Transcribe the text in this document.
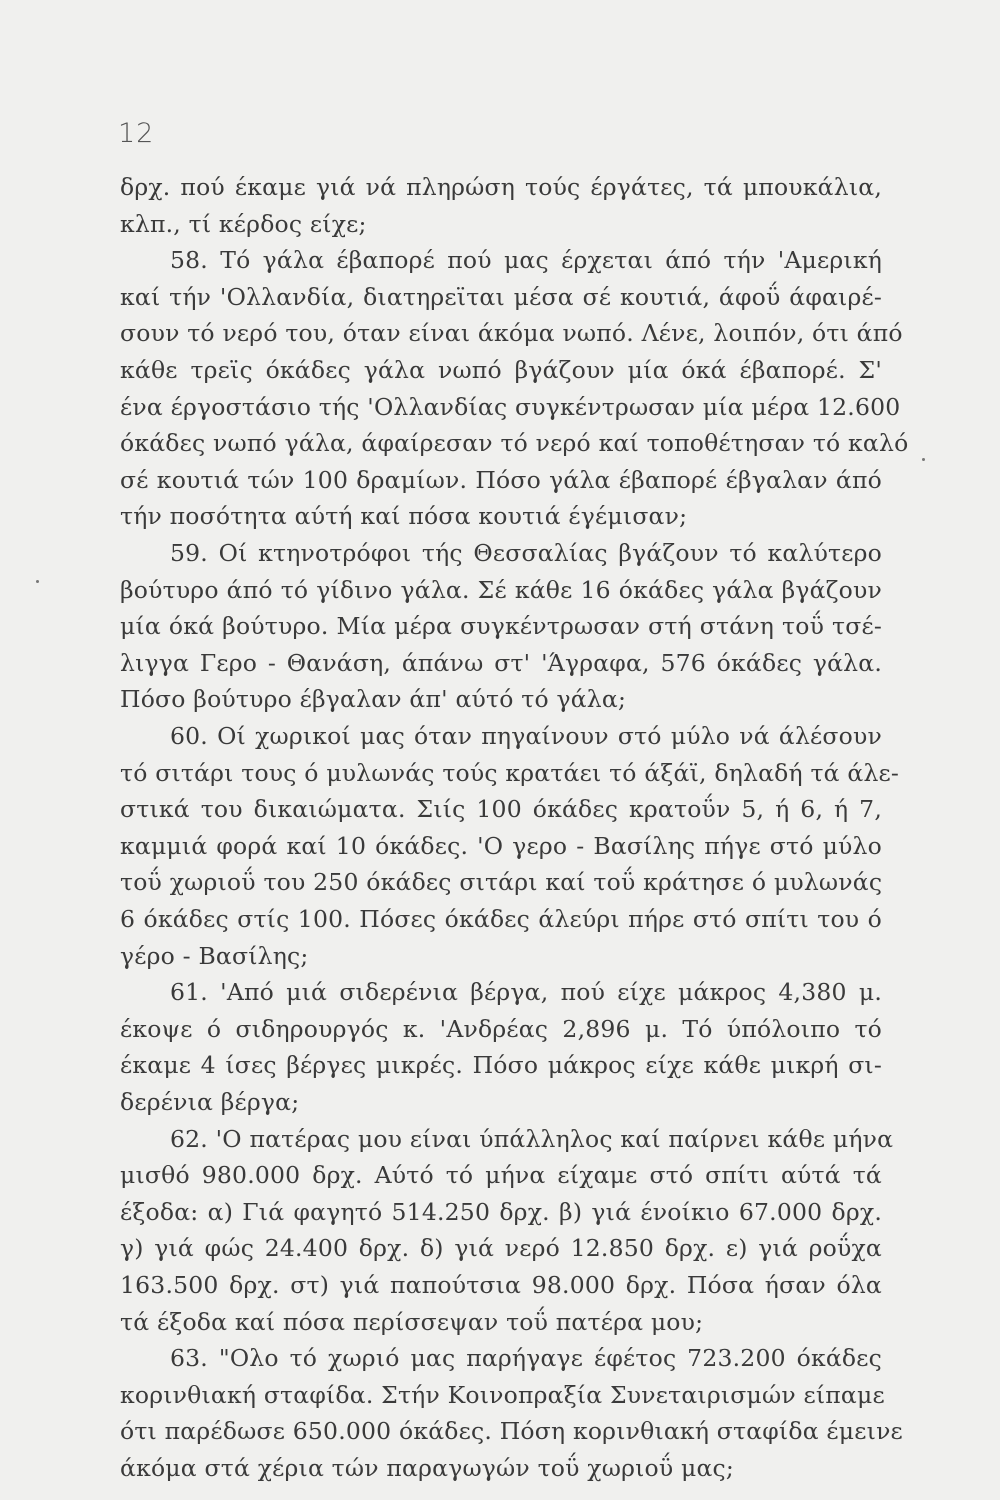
12
δρχ. πού έκαμε γιά νά πληρώση τούς έργάτες, τά μπουκάλια,
κλπ., τί κέρδος είχε;
58. Τό γάλα έβαπορέ πού μας έρχεται άπό τήν 'Αμερική
καί τήν 'Ολλανδία, διατηρεϊται μέσα σέ κουτιά, άφοΰ άφαιρέ-
σουν τό νερό του, όταν είναι άκόμα νωπό. Λένε, λοιπόν, ότι άπό
κάθε τρεϊς όκάδες γάλα νωπό βγάζουν μία όκά έβαπορέ. Σ'
ένα έργοστάσιο τής 'Ολλανδίας συγκέντρωσαν μία μέρα 12.600
όκάδες νωπό γάλα, άφαίρεσαν τό νερό καί τοποθέτησαν τό καλό
σέ κουτιά τών 100 δραμίων. Πόσο γάλα έβαπορέ έβγαλαν άπό
τήν ποσότητα αύτή καί πόσα κουτιά έγέμισαν;
59. Οί κτηνοτρόφοι τής Θεσσαλίας βγάζουν τό καλύτερο
βούτυρο άπό τό γίδινο γάλα. Σέ κάθε 16 όκάδες γάλα βγάζουν
μία όκά βούτυρο. Μία μέρα συγκέντρωσαν στή στάνη τοΰ τσέ-
λιγγα Γερο - Θανάση, άπάνω στ' 'Άγραφα, 576 όκάδες γάλα.
Πόσο βούτυρο έβγαλαν άπ' αύτό τό γάλα;
60. Οί χωρικοί μας όταν πηγαίνουν στό μύλο νά άλέσουν
τό σιτάρι τους ό μυλωνάς τούς κρατάει τό άξάϊ, δηλαδή τά άλε-
στικά του δικαιώματα. Σιίς 100 όκάδες κρατοΰν 5, ή 6, ή 7,
καμμιά φορά καί 10 όκάδες. 'Ο γερο - Βασίλης πήγε στό μύλο
τοΰ χωριοΰ του 250 όκάδες σιτάρι καί τοΰ κράτησε ό μυλωνάς
6 όκάδες στίς 100. Πόσες όκάδες άλεύρι πήρε στό σπίτι του ό
γέρο - Βασίλης;
61. 'Από μιά σιδερένια βέργα, πού είχε μάκρος 4,380 μ.
έκοψε ό σιδηρουργός κ. 'Ανδρέας 2,896 μ. Τό ύπόλοιπο τό
έκαμε 4 ίσες βέργες μικρές. Πόσο μάκρος είχε κάθε μικρή σι-
δερένια βέργα;
62. 'Ο πατέρας μου είναι ύπάλληλος καί παίρνει κάθε μήνα
μισθό 980.000 δρχ. Αύτό τό μήνα είχαμε στό σπίτι αύτά τά
έξοδα: α) Γιά φαγητό 514.250 δρχ. β) γιά ένοίκιο 67.000 δρχ.
γ) γιά φώς 24.400 δρχ. δ) γιά νερό 12.850 δρχ. ε) γιά ροΰχα
163.500 δρχ. στ) γιά παπούτσια 98.000 δρχ. Πόσα ήσαν όλα
τά έξοδα καί πόσα περίσσεψαν τοΰ πατέρα μου;
63. "Ολο τό χωριό μας παρήγαγε έφέτος 723.200 όκάδες
κορινθιακή σταφίδα. Στήν Κοινοπραξία Συνεταιρισμών είπαμε
ότι παρέδωσε 650.000 όκάδες. Πόση κορινθιακή σταφίδα έμεινε
άκόμα στά χέρια τών παραγωγών τοΰ χωριοΰ μας;
